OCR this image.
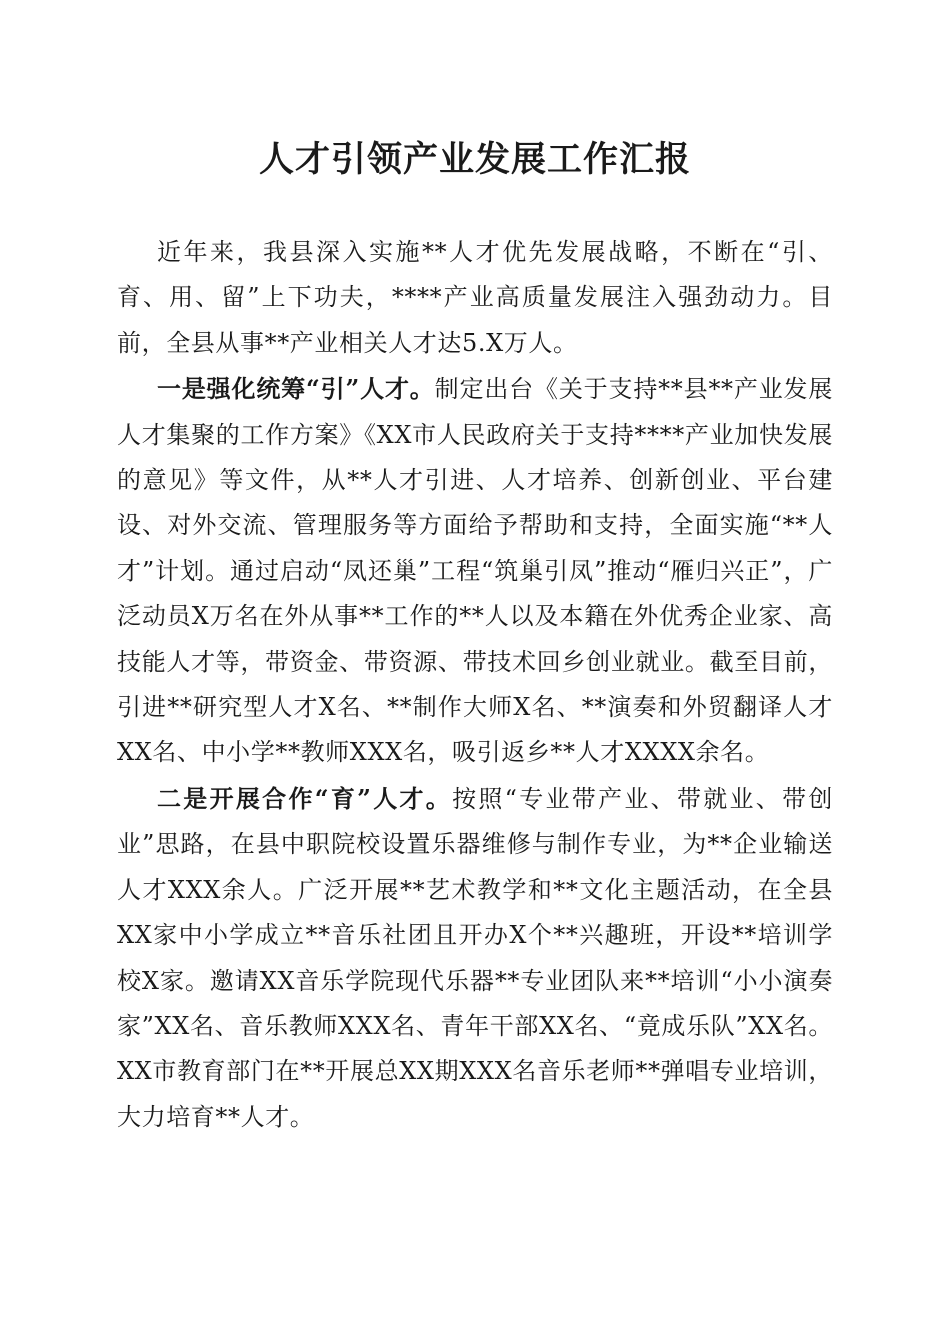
人才引领产业发展工作汇报

近年来，我县深入实施**人才优先发展战略，不断在“引、育、用、留”上下功夫，****产业高质量发展注入强劲动力。目前，全县从事**产业相关人才达5.X万人。

一是强化统筹“引”人才。制定出台《关于支持**县**产业发展人才集聚的工作方案》《XX市人民政府关于支持****产业加快发展的意见》等文件，从**人才引进、人才培养、创新创业、平台建设、对外交流、管理服务等方面给予帮助和支持，全面实施“**人才”计划。通过启动“凤还巢”工程“筑巢引凤”推动“雁归兴正”，广泛动员X万名在外从事**工作的**人以及本籍在外优秀企业家、高技能人才等，带资金、带资源、带技术回乡创业就业。截至目前，引进**研究型人才X名、**制作大师X名、**演奏和外贸翻译人才XX名、中小学**教师XXX名，吸引返乡**人才XXXX余名。

二是开展合作“育”人才。按照“专业带产业、带就业、带创业”思路，在县中职院校设置乐器维修与制作专业，为**企业输送人才XXX余人。广泛开展**艺术教学和**文化主题活动，在全县XX家中小学成立**音乐社团且开办X个**兴趣班，开设**培训学校X家。邀请XX音乐学院现代乐器**专业团队来**培训“小小演奏家”XX名、音乐教师XXX名、青年干部XX名、“竟成乐队”XX名。XX市教育部门在**开展总XX期XXX名音乐老师**弹唱专业培训，大力培育**人才。
